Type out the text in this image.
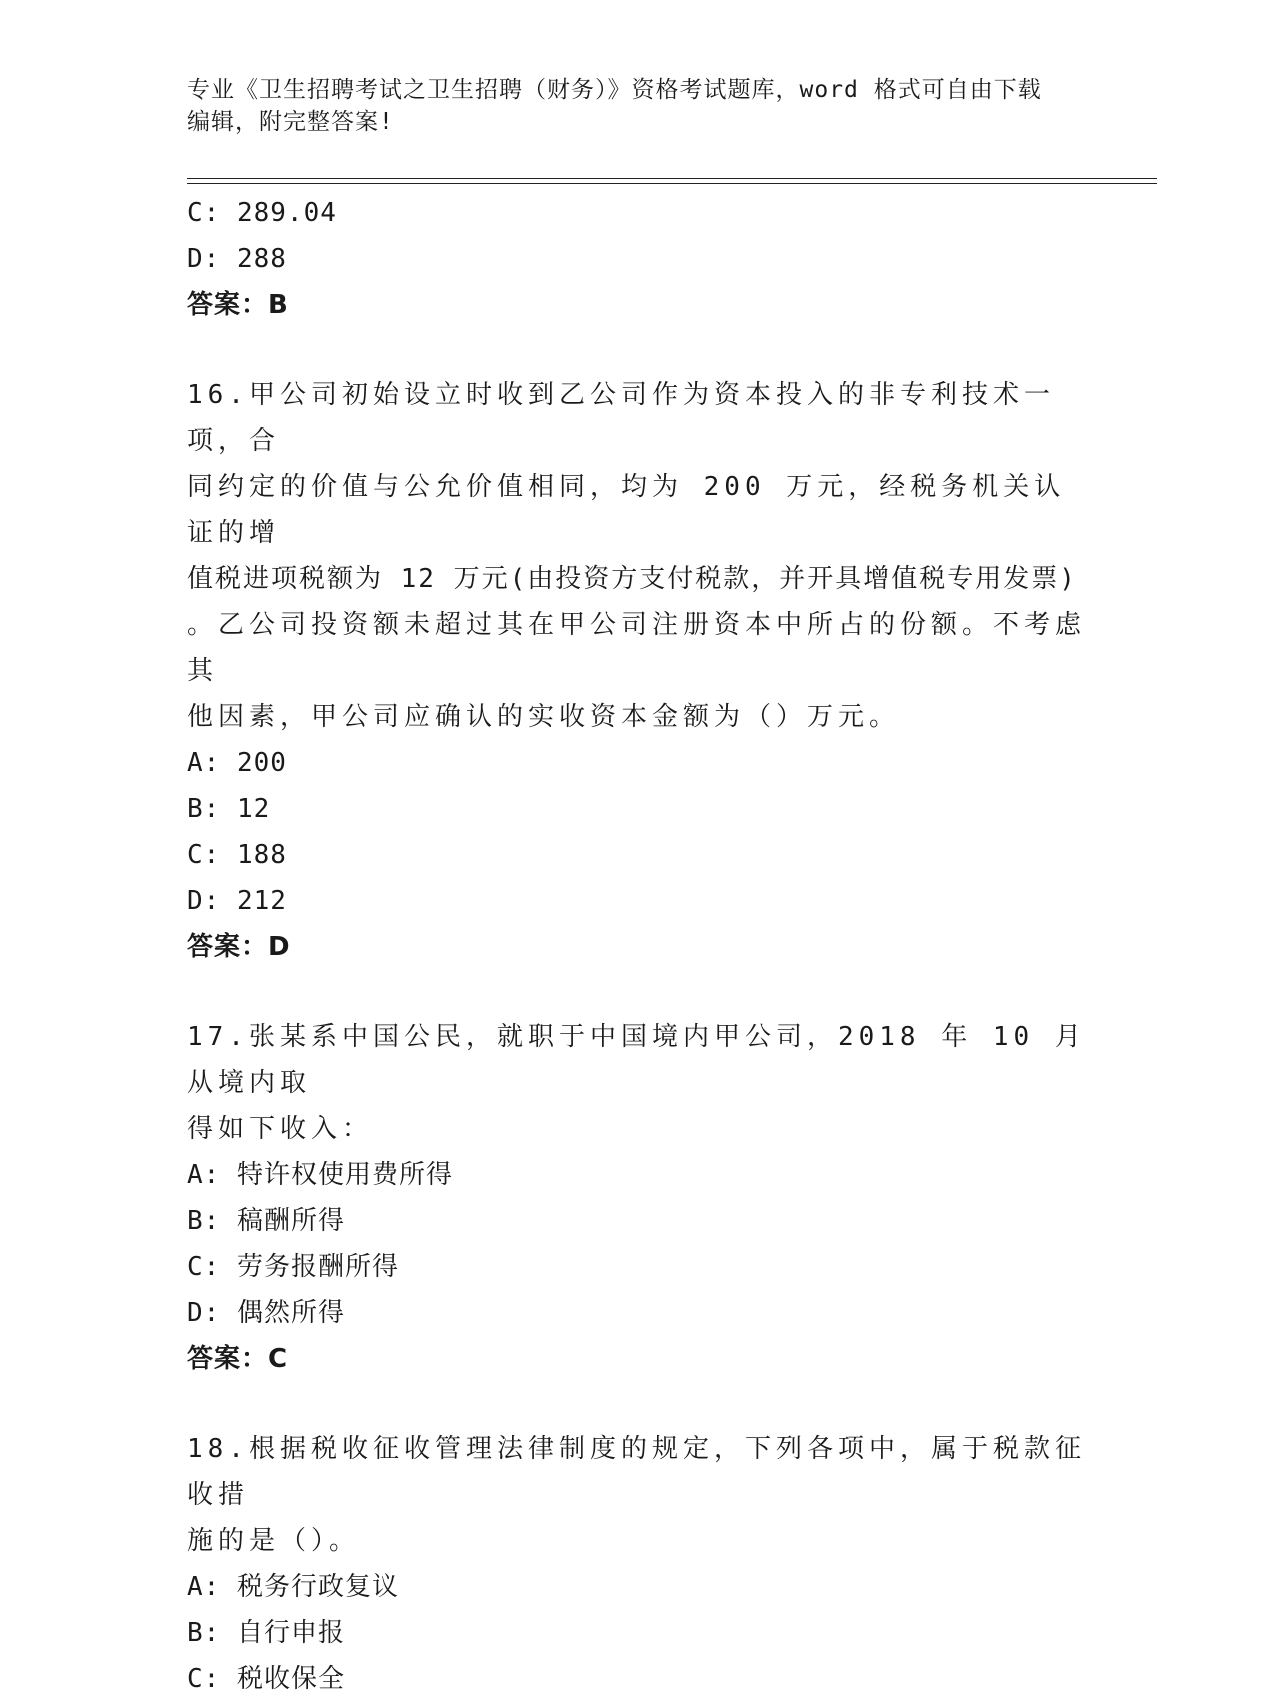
专业《卫生招聘考试之卫生招聘（财务）》资格考试题库，word 格式可自由下载
编辑，附完整答案!
C: 289.04
D: 288
答案：B
16.甲公司初始设立时收到乙公司作为资本投入的非专利技术一项，合
同约定的价值与公允价值相同，均为 200 万元，经税务机关认证的增
值税进项税额为 12 万元(由投资方支付税款，并开具增值税专用发票)
。乙公司投资额未超过其在甲公司注册资本中所占的份额。不考虑其
他因素，甲公司应确认的实收资本金额为（）万元。
A: 200
B: 12
C: 188
D: 212
答案：D
17.张某系中国公民，就职于中国境内甲公司，2018 年 10 月从境内取
得如下收入：
A: 特许权使用费所得
B: 稿酬所得
C: 劳务报酬所得
D: 偶然所得
答案：C
18.根据税收征收管理法律制度的规定，下列各项中，属于税款征收措
施的是（）。
A: 税务行政复议
B: 自行申报
C: 税收保全
